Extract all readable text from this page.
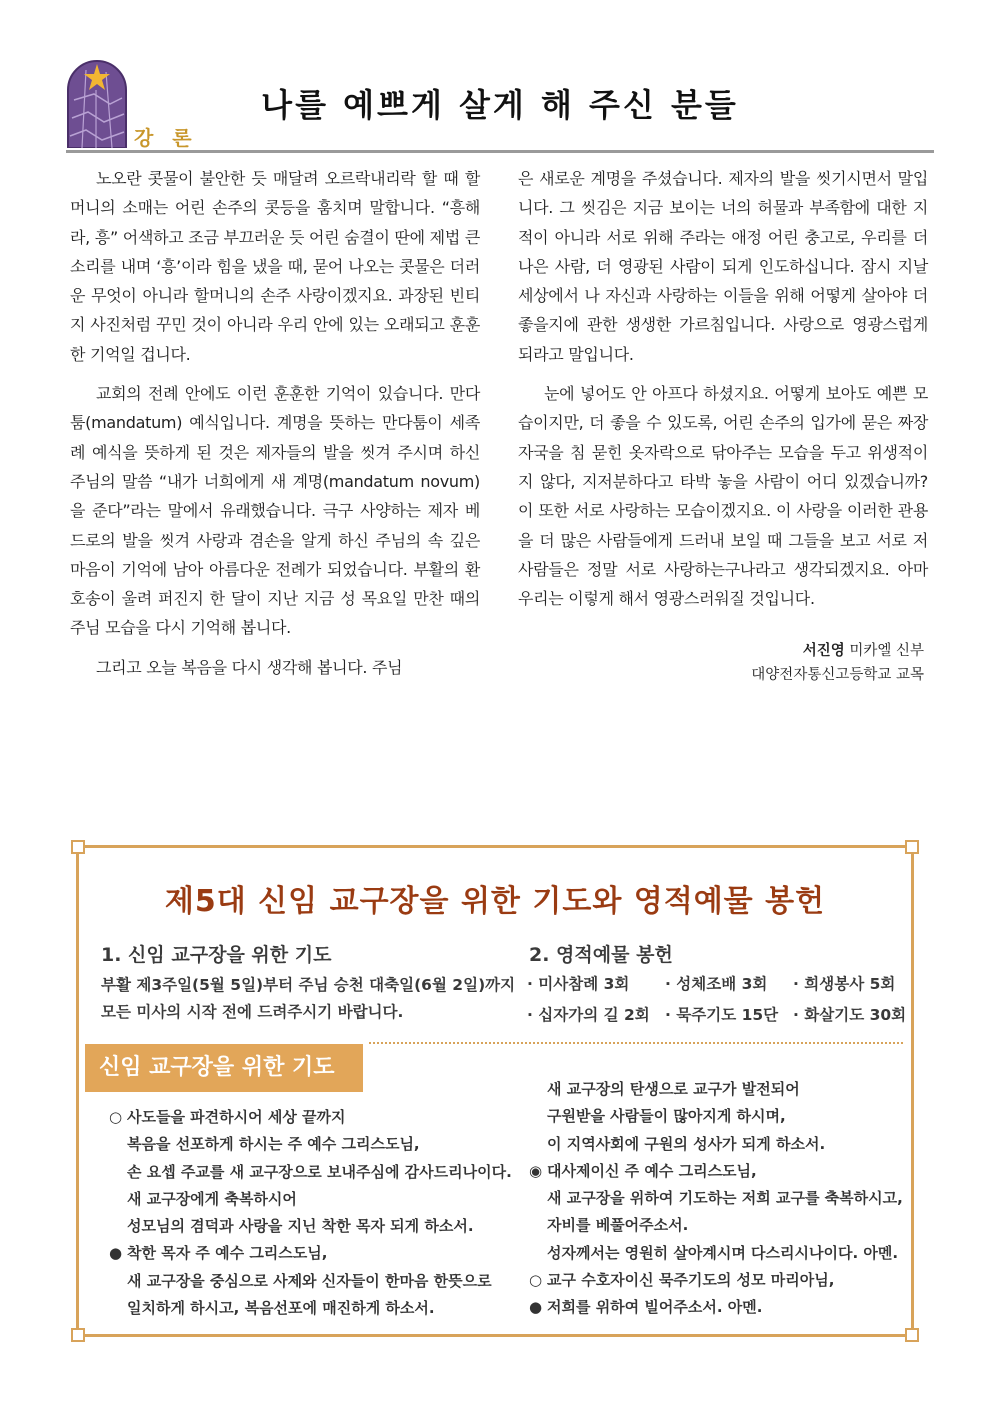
강 론
나를 예쁘게 살게 해 주신 분들

노오란 콧물이 불안한 듯 매달려 오르락내리락 할 때 할머니의 소매는 어린 손주의 콧등을 훔치며 말합니다. “흥해라, 흥” 어색하고 조금 부끄러운 듯 어린 숨결이 딴에 제법 큰 소리를 내며 ‘흥’이라 힘을 냈을 때, 묻어 나오는 콧물은 더러운 무엇이 아니라 할머니의 손주 사랑이겠지요. 과장된 빈티지 사진처럼 꾸민 것이 아니라 우리 안에 있는 오래되고 훈훈한 기억일 겁니다.

교회의 전례 안에도 이런 훈훈한 기억이 있습니다. 만다툼(mandatum) 예식입니다. 계명을 뜻하는 만다툼이 세족례 예식을 뜻하게 된 것은 제자들의 발을 씻겨 주시며 하신 주님의 말씀 “내가 너희에게 새 계명(mandatum novum)을 준다”라는 말에서 유래했습니다. 극구 사양하는 제자 베드로의 발을 씻겨 사랑과 겸손을 알게 하신 주님의 속 깊은 마음이 기억에 남아 아름다운 전례가 되었습니다. 부활의 환호송이 울려 퍼진지 한 달이 지난 지금 성 목요일 만찬 때의 주님 모습을 다시 기억해 봅니다.

그리고 오늘 복음을 다시 생각해 봅니다. 주님

은 새로운 계명을 주셨습니다. 제자의 발을 씻기시면서 말입니다. 그 씻김은 지금 보이는 너의 허물과 부족함에 대한 지적이 아니라 서로 위해 주라는 애정 어린 충고로, 우리를 더 나은 사람, 더 영광된 사람이 되게 인도하십니다. 잠시 지날 세상에서 나 자신과 사랑하는 이들을 위해 어떻게 살아야 더 좋을지에 관한 생생한 가르침입니다. 사랑으로 영광스럽게 되라고 말입니다.

눈에 넣어도 안 아프다 하셨지요. 어떻게 보아도 예쁜 모습이지만, 더 좋을 수 있도록, 어린 손주의 입가에 묻은 짜장 자국을 침 묻힌 옷자락으로 닦아주는 모습을 두고 위생적이지 않다, 지저분하다고 타박 놓을 사람이 어디 있겠습니까? 이 또한 서로 사랑하는 모습이겠지요. 이 사랑을 이러한 관용을 더 많은 사람들에게 드러내 보일 때 그들을 보고 서로 저 사람들은 정말 서로 사랑하는구나라고 생각되겠지요. 아마 우리는 이렇게 해서 영광스러워질 것입니다.

서진영 미카엘 신부
대양전자통신고등학교 교목
제5대 신임 교구장을 위한 기도와 영적예물 봉헌
1. 신임 교구장을 위한 기도
부활 제3주일(5월 5일)부터 주님 승천 대축일(6월 2일)까지
모든 미사의 시작 전에 드려주시기 바랍니다.
2. 영적예물 봉헌
· 미사참례 3회	· 성체조배 3회	· 희생봉사 5회
· 십자가의 길 2회 · 묵주기도 15단 · 화살기도 30회
신임 교구장을 위한 기도
○ 사도들을 파견하시어 세상 끝까지
복음을 선포하게 하시는 주 예수 그리스도님,
손 요셉 주교를 새 교구장으로 보내주심에 감사드리나이다.
새 교구장에게 축복하시어
성모님의 겸덕과 사랑을 지닌 착한 목자 되게 하소서.
● 착한 목자 주 예수 그리스도님,
새 교구장을 중심으로 사제와 신자들이 한마음 한뜻으로
일치하게 하시고, 복음선포에 매진하게 하소서.
새 교구장의 탄생으로 교구가 발전되어
구원받을 사람들이 많아지게 하시며,
이 지역사회에 구원의 성사가 되게 하소서.
◉ 대사제이신 주 예수 그리스도님,
새 교구장을 위하여 기도하는 저희 교구를 축복하시고,
자비를 베풀어주소서.
성자께서는 영원히 살아계시며 다스리시나이다. 아멘.
○ 교구 수호자이신 묵주기도의 성모 마리아님,
● 저희를 위하여 빌어주소서. 아멘.
